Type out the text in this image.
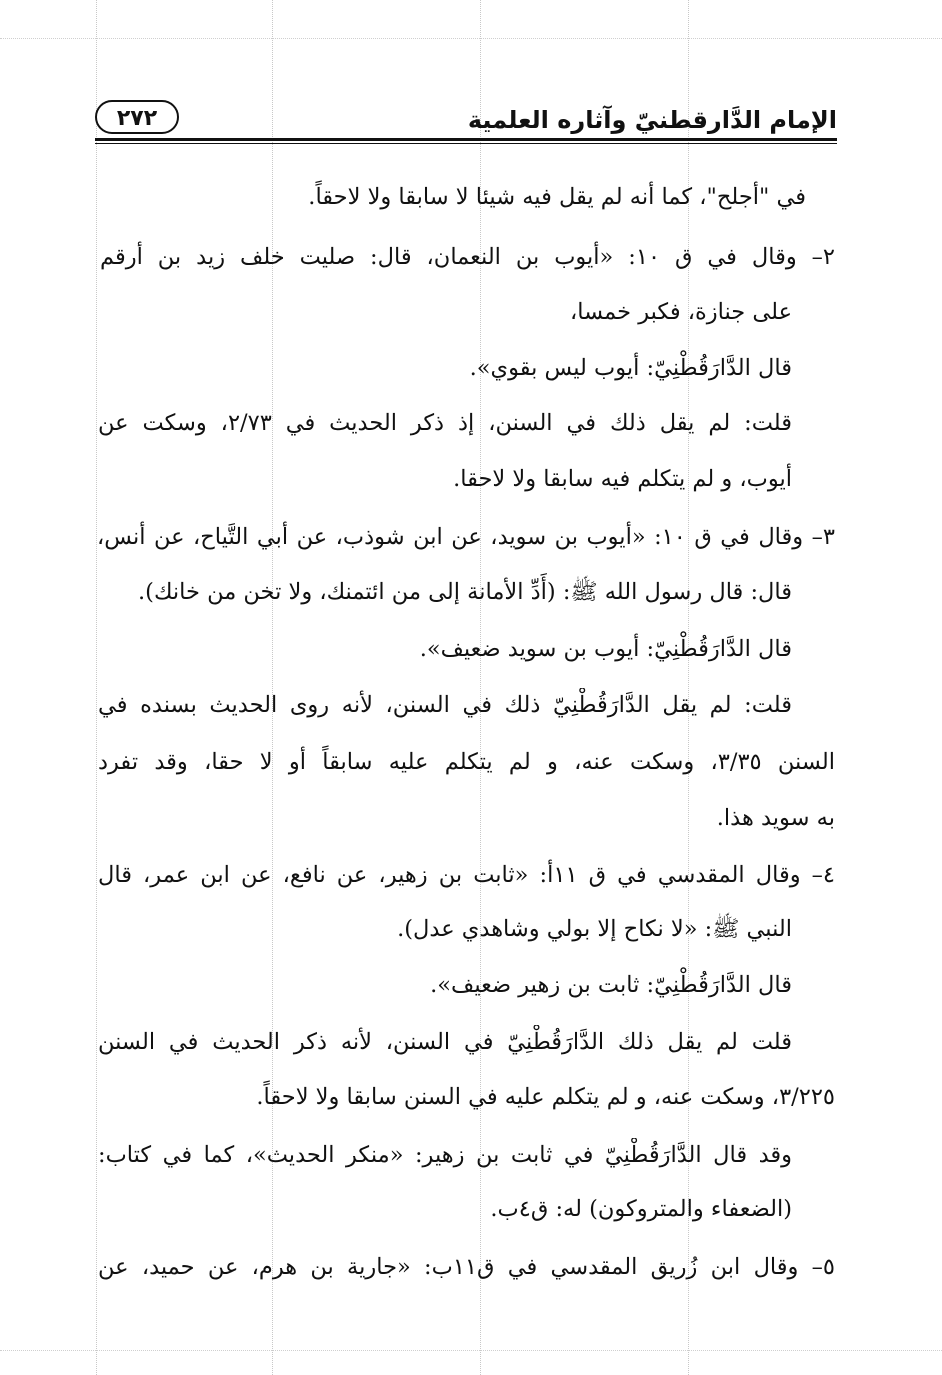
الإمام الدَّارقطنيّ وآثاره العلمية
٢٧٢
في "أجلح"، كما أنه لم يقل فيه شيئا لا سابقا ولا لاحقاً.
٢– وقال في ق ١٠: «أيوب بن النعمان، قال: صليت خلف زيد بن أرقم
على جنازة، فكبر خمسا،
قال الدَّارَقُطْنِيّ: أيوب ليس بقوي».
قلت: لم يقل ذلك في السنن، إذ ذكر الحديث في ٢/٧٣، وسكت عن
أيوب، و لم يتكلم فيه سابقا ولا لاحقا.
٣– وقال في ق ١٠: «أيوب بن سويد، عن ابن شوذب، عن أبي التَّياح، عن أنس،
قال: قال رسول الله ﷺ: (أَدِّ الأمانة إلى من ائتمنك، ولا تخن من خانك).
قال الدَّارَقُطْنِيّ: أيوب بن سويد ضعيف».
قلت: لم يقل الدَّارَقُطْنِيّ ذلك في السنن، لأنه روى الحديث بسنده في
السنن ٣/٣٥، وسكت عنه، و لم يتكلم عليه سابقاً أو لا حقا، وقد تفرد
به سويد هذا.
٤– وقال المقدسي في ق ١١أ: «ثابت بن زهير، عن نافع، عن ابن عمر، قال
النبي ﷺ: «لا نكاح إلا بولي وشاهدي عدل).
قال الدَّارَقُطْنِيّ: ثابت بن زهير ضعيف».
قلت لم يقل ذلك الدَّارَقُطْنِيّ في السنن، لأنه ذكر الحديث في السنن
٣/٢٢٥، وسكت عنه، و لم يتكلم عليه في السنن سابقا ولا لاحقاً.
وقد قال الدَّارَقُطْنِيّ في ثابت بن زهير: «منكر الحديث»، كما في كتاب:
(الضعفاء والمتروكون) له: ق٤ب.
٥– وقال ابن زُريق المقدسي في ق١١ب: «جارية بن هرم، عن حميد، عن
